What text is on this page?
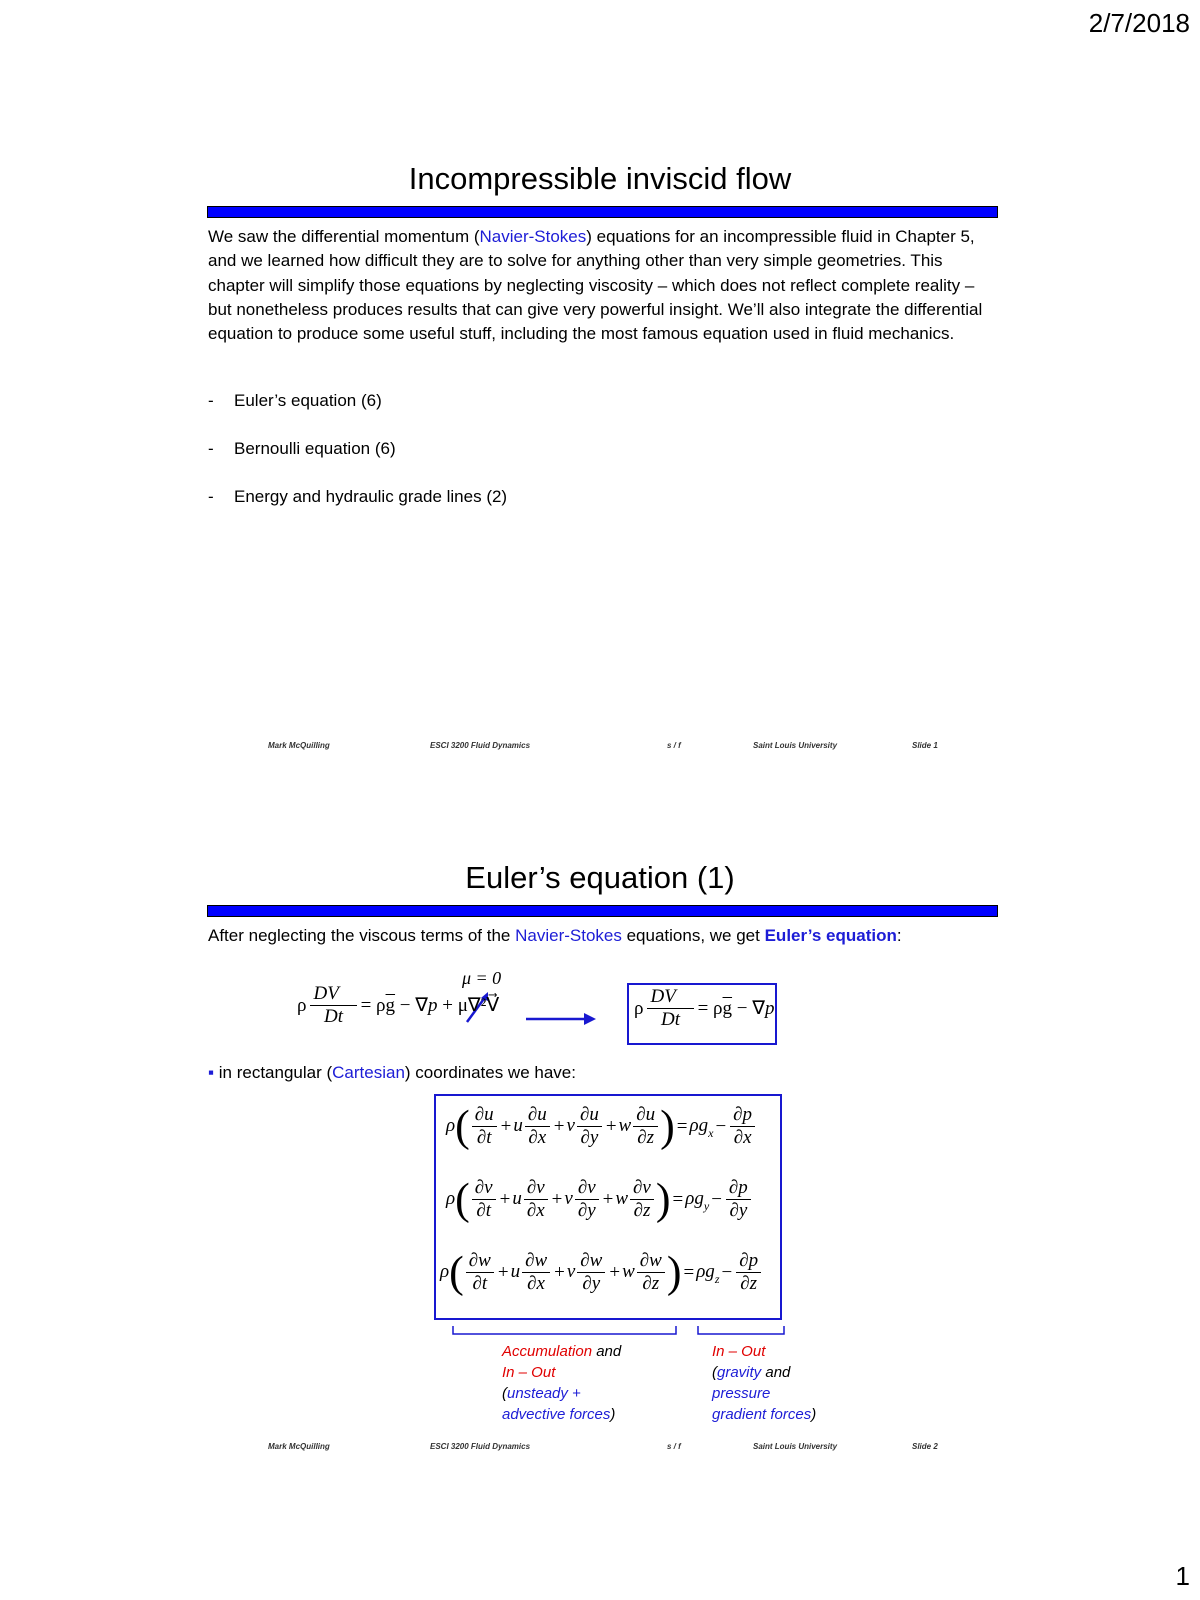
2/7/2018
1
Incompressible inviscid flow
We saw the differential momentum (Navier-Stokes) equations for an incompressible fluid in Chapter 5, and we learned how difficult they are to solve for anything other than very simple geometries. This chapter will simplify those equations by neglecting viscosity – which does not reflect complete reality – but nonetheless produces results that can give very powerful insight. We’ll also integrate the differential equation to produce some useful stuff, including the most famous equation used in fluid mechanics.
- Euler’s equation (6)
- Bernoulli equation (6)
- Energy and hydraulic grade lines (2)
Mark McQuilling	ESCI 3200 Fluid Dynamics	s / f	Saint Louis University	Slide 1
Euler’s equation (1)
After neglecting the viscous terms of the Navier-Stokes equations, we get Euler’s equation:
μ = 0
ρ $\frac{DV⃗}{Dt} = \rho\overline{g} - \nabla p$ + μ∇²V⃗	ρ $\frac{DV⃗}{Dt} = \rho\overline{g} - \nabla p$
▪ in rectangular (Cartesian) coordinates we have:
$\rho( \frac{\partial u}{\partial t} + u \frac{\partial u}{\partial x} + v \frac{\partial u}{\partial y} + w \frac{\partial u}{\partial z}$ ) = $\rho g_x - \frac{\partial p}{\partial x}$
$\rho( \frac{\partial v}{\partial t} + u \frac{\partial v}{\partial x} + v \frac{\partial v}{\partial y} + w \frac{\partial v}{\partial z}$ ) = $\rho g_y - \frac{\partial p}{\partial y}$
$\rho( \frac{\partial w}{\partial t} + u \frac{\partial w}{\partial x} + v \frac{\partial w}{\partial y} + w \frac{\partial w}{\partial z}$ ) = $\rho g_z - \frac{\partial p}{\partial z}$
Accumulation and
In – Out
(unsteady +
advective forces)
In – Out
(gravity and
pressure
gradient forces)
Mark McQuilling	ESCI 3200 Fluid Dynamics	s / f	Saint Louis University	Slide 2
